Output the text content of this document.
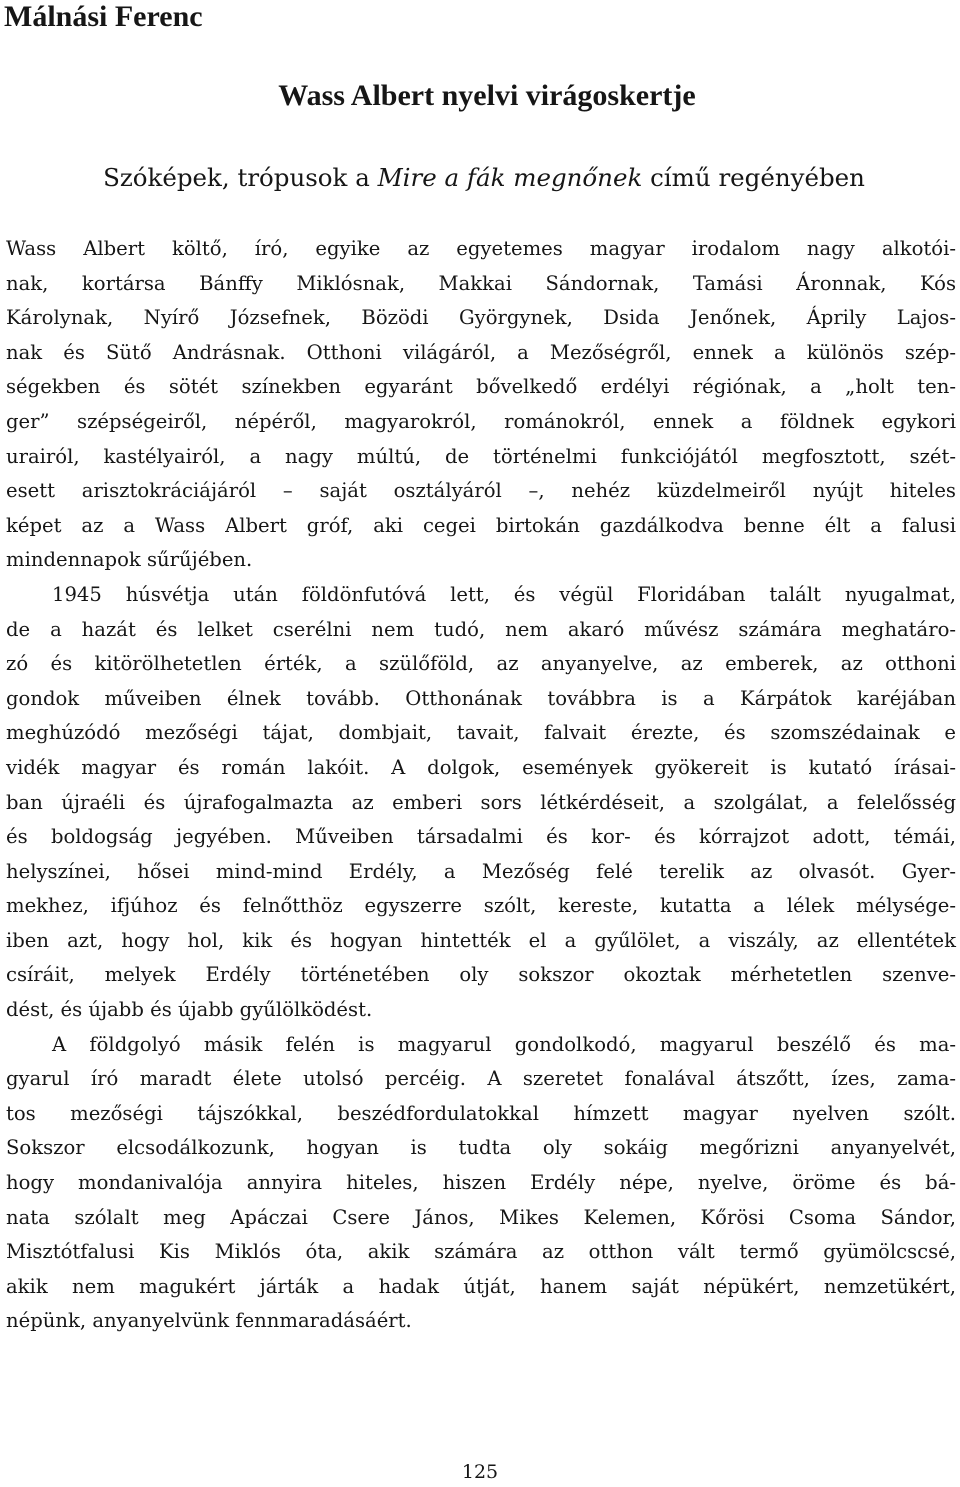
Málnási Ferenc
Wass Albert nyelvi virágoskertje
Szóképek, trópusok a Mire a fák megnőnek című regényében
Wass Albert költő, író, egyike az egyetemes magyar irodalom nagy alkotói-
nak, kortársa Bánffy Miklósnak, Makkai Sándornak, Tamási Áronnak, Kós
Károlynak, Nyírő Józsefnek, Bözödi Györgynek, Dsida Jenőnek, Áprily Lajos-
nak és Sütő Andrásnak. Otthoni világáról, a Mezőségről, ennek a különös szép-
ségekben és sötét színekben egyaránt bővelkedő erdélyi régiónak, a „holt ten-
ger” szépségeiről, népéről, magyarokról, románokról, ennek a földnek egykori
urairól, kastélyairól, a nagy múltú, de történelmi funkciójától megfosztott, szét-
esett arisztokráciájáról – saját osztályáról –, nehéz küzdelmeiről nyújt hiteles
képet az a Wass Albert gróf, aki cegei birtokán gazdálkodva benne élt a falusi
mindennapok sűrűjében.
1945 húsvétja után földönfutóvá lett, és végül Floridában talált nyugalmat,
de a hazát és lelket cserélni nem tudó, nem akaró művész számára meghatáro-
zó és kitörölhetetlen érték, a szülőföld, az anyanyelve, az emberek, az otthoni
gondok műveiben élnek tovább. Otthonának továbbra is a Kárpátok karéjában
meghúzódó mezőségi tájat, dombjait, tavait, falvait érezte, és szomszédainak e
vidék magyar és román lakóit. A dolgok, események gyökereit is kutató írásai-
ban újraéli és újrafogalmazta az emberi sors létkérdéseit, a szolgálat, a felelősség
és boldogság jegyében. Műveiben társadalmi és kor- és kórrajzot adott, témái,
helyszínei, hősei mind-mind Erdély, a Mezőség felé terelik az olvasót. Gyer-
mekhez, ifjúhoz és felnőtthöz egyszerre szólt, kereste, kutatta a lélek mélysége-
iben azt, hogy hol, kik és hogyan hintették el a gyűlölet, a viszály, az ellentétek
csíráit, melyek Erdély történetében oly sokszor okoztak mérhetetlen szenve-
dést, és újabb és újabb gyűlölködést.
A földgolyó másik felén is magyarul gondolkodó, magyarul beszélő és ma-
gyarul író maradt élete utolsó percéig. A szeretet fonalával átszőtt, ízes, zama-
tos mezőségi tájszókkal, beszédfordulatokkal hímzett magyar nyelven szólt.
Sokszor elcsodálkozunk, hogyan is tudta oly sokáig megőrizni anyanyelvét,
hogy mondanivalója annyira hiteles, hiszen Erdély népe, nyelve, öröme és bá-
nata szólalt meg Apáczai Csere János, Mikes Kelemen, Kőrösi Csoma Sándor,
Misztótfalusi Kis Miklós óta, akik számára az otthon vált termő gyümölcscsé,
akik nem magukért járták a hadak útját, hanem saját népükért, nemzetükért,
népünk, anyanyelvünk fennmaradásáért.
125
